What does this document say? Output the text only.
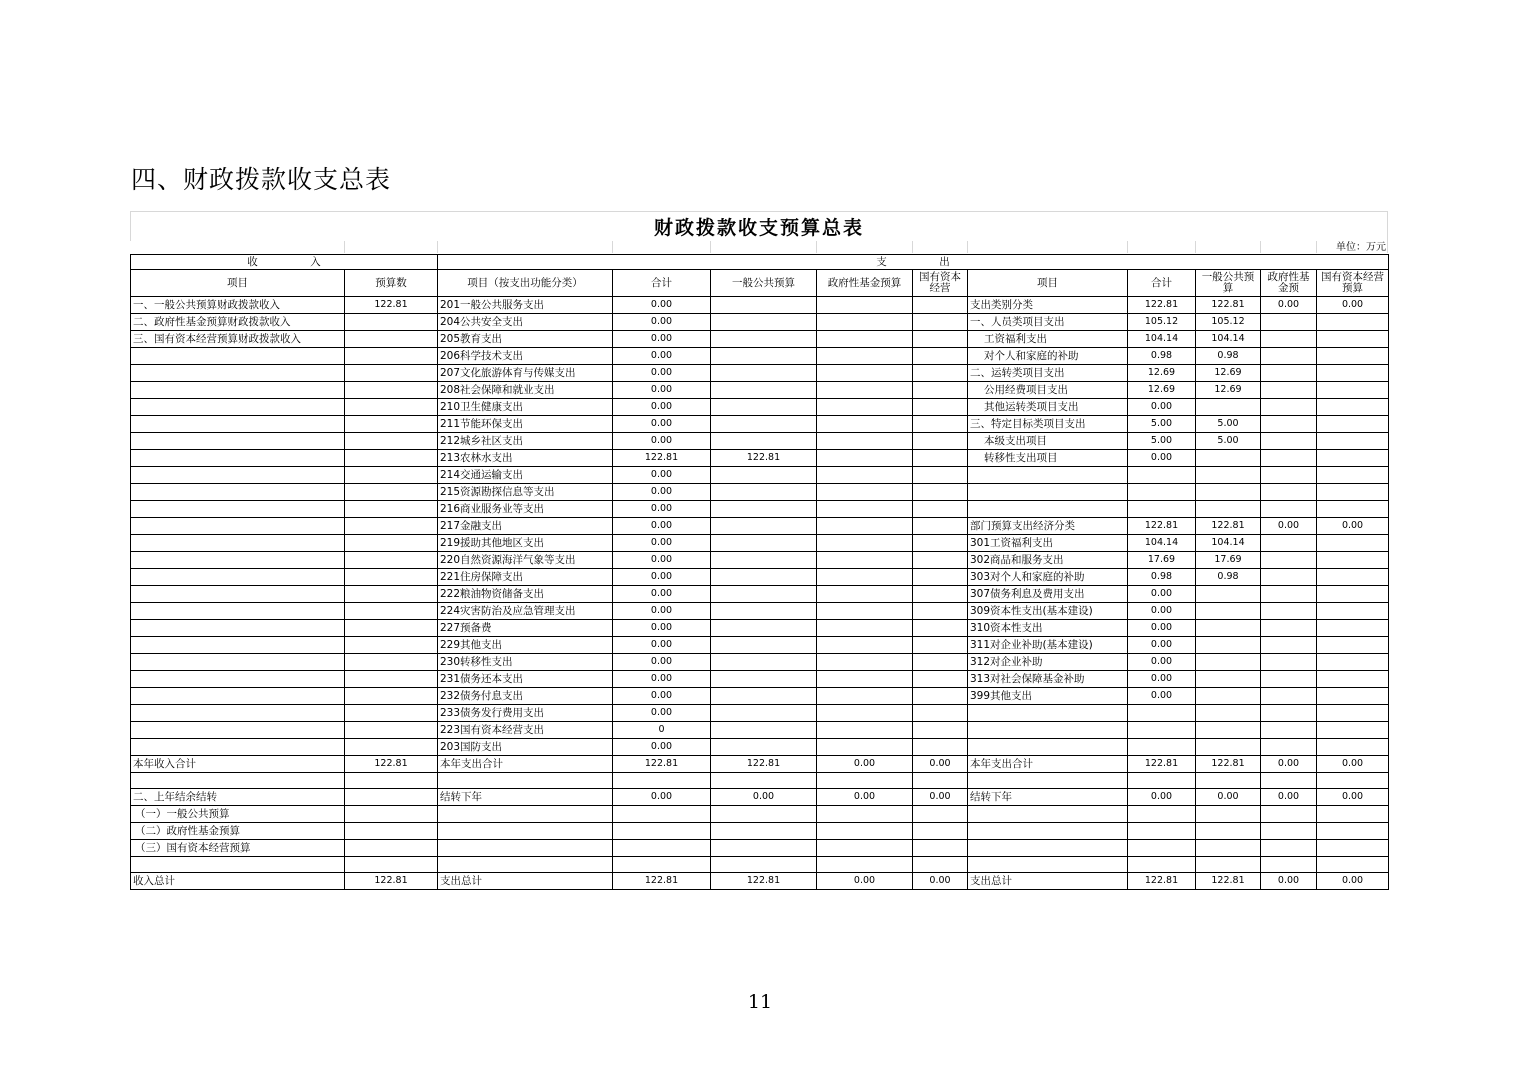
四、财政拨款收支总表
财政拨款收支预算总表
单位：万元
收　　　　　入		支　　　　　出									
项目	预算数	项目（按支出功能分类）	合计	一般公共预算	政府性基金预算	国有资本经营	项目	合计	一般公共预算	政府性基金预	国有资本经营预算
一、一般公共预算财政拨款收入	122.81	201一般公共服务支出	0.00				支出类别分类	122.81	122.81	0.00	0.00
二、政府性基金预算财政拨款收入		204公共安全支出	0.00				一、人员类项目支出	105.12	105.12		
三、国有资本经营预算财政拨款收入		205教育支出	0.00				工资福利支出	104.14	104.14		
		206科学技术支出	0.00				对个人和家庭的补助	0.98	0.98		
		207文化旅游体育与传媒支出	0.00				二、运转类项目支出	12.69	12.69		
		208社会保障和就业支出	0.00				公用经费项目支出	12.69	12.69		
		210卫生健康支出	0.00				其他运转类项目支出	0.00			
		211节能环保支出	0.00				三、特定目标类项目支出	5.00	5.00		
		212城乡社区支出	0.00				本级支出项目	5.00	5.00		
		213农林水支出	122.81	122.81			转移性支出项目	0.00			
		214交通运输支出	0.00								
		215资源勘探信息等支出	0.00								
		216商业服务业等支出	0.00								
		217金融支出	0.00				部门预算支出经济分类	122.81	122.81	0.00	0.00
		219援助其他地区支出	0.00				301工资福利支出	104.14	104.14		
		220自然资源海洋气象等支出	0.00				302商品和服务支出	17.69	17.69		
		221住房保障支出	0.00				303对个人和家庭的补助	0.98	0.98		
		222粮油物资储备支出	0.00				307债务利息及费用支出	0.00			
		224灾害防治及应急管理支出	0.00				309资本性支出(基本建设)	0.00			
		227预备费	0.00				310资本性支出	0.00			
		229其他支出	0.00				311对企业补助(基本建设)	0.00			
		230转移性支出	0.00				312对企业补助	0.00			
		231债务还本支出	0.00				313对社会保障基金补助	0.00			
		232债务付息支出	0.00				399其他支出	0.00			
		233债务发行费用支出	0.00								
		223国有资本经营支出	0								
		203国防支出	0.00								
本年收入合计	122.81	本年支出合计	122.81	122.81	0.00	0.00	本年支出合计	122.81	122.81	0.00	0.00

二、上年结余结转		结转下年	0.00	0.00	0.00	0.00	结转下年	0.00	0.00	0.00	0.00
（一）一般公共预算											
（二）政府性基金预算											
（三）国有资本经营预算											

收入总计	122.81	支出总计	122.81	122.81	0.00	0.00	支出总计	122.81	122.81	0.00	0.00
11
